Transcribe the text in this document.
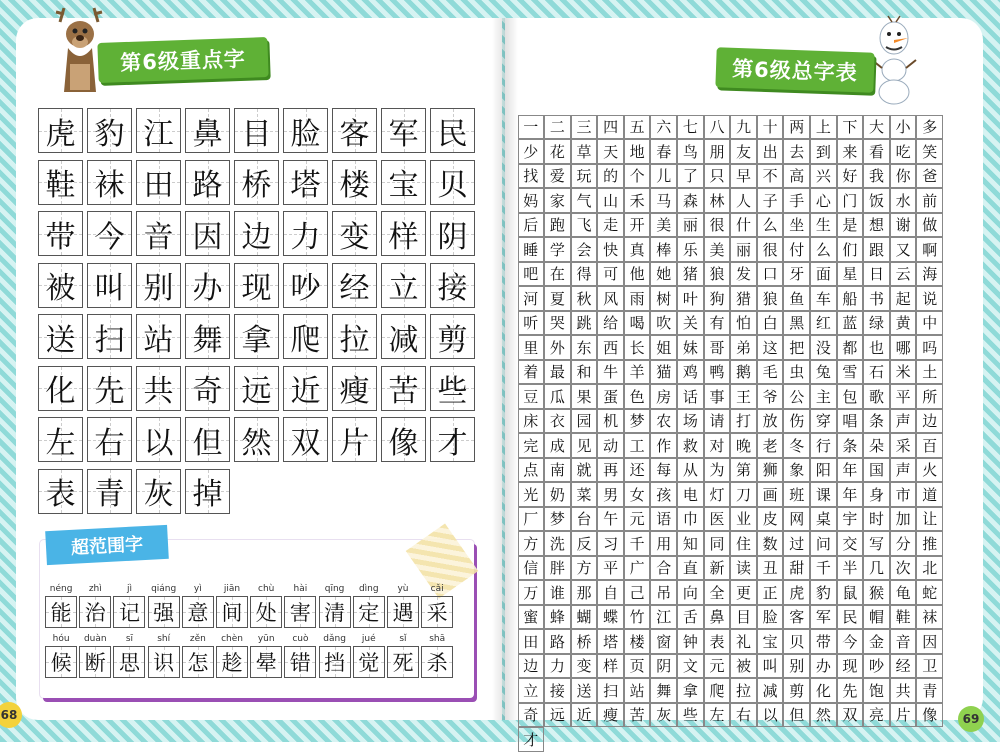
第6级重点字	第6级总字表
虎 豹 江 鼻 目 脸 客 军 民
鞋 袜 田 路 桥 塔 楼 宝 贝
带 今 音 因 边 力 变 样 阴
被 叫 别 办 现 吵 经 立 接
送 扫 站 舞 拿 爬 拉 减 剪
化 先 共 奇 远 近 瘦 苦 些
左 右 以 但 然 双 片 像 才
表 青 灰 掉
超范围字
néng
能
zhì
治
jì
记
qiáng
强
yì
意
jiān
间
chù
处
hài
害
qīng
清
dìng
定
yù
遇
cǎi
采
hóu
候
duàn
断
sī
思
shí
识
zěn
怎
chèn
趁
yūn
晕
cuò
错
dǎng
挡
jué
觉
sǐ
死
shā
杀
一 二 三 四 五 六 七 八 九 十 两 上 下 大 小 多
少 花 草 天 地 春 鸟 朋 友 出 去 到 来 看 吃 笑
找 爱 玩 的 个 儿 了 只 早 不 高 兴 好 我 你 爸
妈 家 气 山 禾 马 森 林 人 子 手 心 门 饭 水 前
后 跑 飞 走 开 美 丽 很 什 么 坐 生 是 想 谢 做
睡 学 会 快 真 棒 乐 美 丽 很 付 么 们 跟 又 啊
吧 在 得 可 他 她 猪 狼 发 口 牙 面 星 日 云 海
河 夏 秋 风 雨 树 叶 狗 猎 狼 鱼 车 船 书 起 说
听 哭 跳 给 喝 吹 关 有 怕 白 黑 红 蓝 绿 黄 中
里 外 东 西 长 姐 妹 哥 弟 这 把 没 都 也 哪 吗
着 最 和 牛 羊 猫 鸡 鸭 鹅 毛 虫 兔 雪 石 米 土
豆 瓜 果 蛋 色 房 话 事 王 爷 公 主 包 歌 平 所
床 衣 园 机 梦 农 场 请 打 放 伤 穿 唱 条 声 边
完 成 见 动 工 作 救 对 晚 老 冬 行 条 朵 采 百
点 南 就 再 还 每 从 为 第 狮 象 阳 年 国 声 火
光 奶 菜 男 女 孩 电 灯 刀 画 班 课 年 身 市 道
厂 梦 台 午 元 语 巾 医 业 皮 网 桌 宇 时 加 让
方 洗 反 习 千 用 知 同 住 数 过 问 交 写 分 推
信 胖 方 平 广 合 直 新 读 丑 甜 千 半 几 次 北
万 谁 那 自 己 吊 向 全 更 正 虎 豹 鼠 猴 龟 蛇
蜜 蜂 蝴 蝶 竹 江 舌 鼻 目 脸 客 军 民 帽 鞋 袜
田 路 桥 塔 楼 窗 钟 表 礼 宝 贝 带 今 金 音 因
边 力 变 样 页 阴 文 元 被 叫 别 办 现 吵 经 卫
立 接 送 扫 站 舞 拿 爬 拉 减 剪 化 先 饱 共 青
奇 远 近 瘦 苦 灰 些 左 右 以 但 然 双 亮 片 像
才
68	69
